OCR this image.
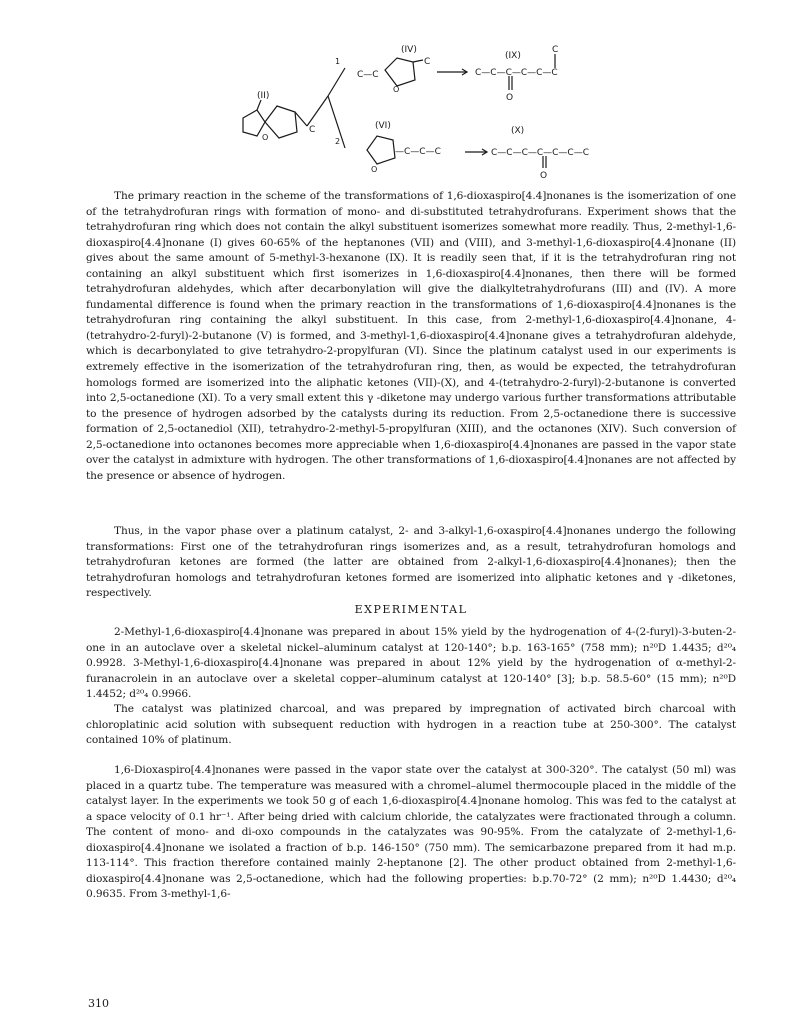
(II)
O
C
1
2
(IV)
C—C
C
O
(IX)
C
C—C—C—C—C—C
O
(VI)
—C—C—C
O
(X)
C—C—C—C—C—C—C
O

The primary reaction in the scheme of the transformations of 1,6-dioxaspiro[4.4]nonanes is the isomerization of one of the tetrahydrofuran rings with formation of mono- and di-substituted tetrahydrofurans. Experiment shows that the tetrahydrofuran ring which does not contain the alkyl substituent isomerizes somewhat more readily. Thus, 2-methyl-1,6-dioxaspiro[4.4]nonane (I) gives 60-65% of the heptanones (VII) and (VIII), and 3-methyl-1,6-dioxaspiro[4.4]nonane (II) gives about the same amount of 5-methyl-3-hexanone (IX). It is readily seen that, if it is the tetrahydrofuran ring not containing an alkyl substituent which first isomerizes in 1,6-dioxaspiro[4.4]nonanes, then there will be formed tetrahydrofuran aldehydes, which after decarbonylation will give the dialkyltetrahydrofurans (III) and (IV). A more fundamental difference is found when the primary reaction in the transformations of 1,6-dioxaspiro[4.4]nonanes is the tetrahydrofuran ring containing the alkyl substituent. In this case, from 2-methyl-1,6-dioxaspiro[4.4]nonane, 4-(tetrahydro-2-furyl)-2-butanone (V) is formed, and 3-methyl-1,6-dioxaspiro[4.4]nonane gives a tetrahydrofuran aldehyde, which is decarbonylated to give tetrahydro-2-propylfuran (VI). Since the platinum catalyst used in our experiments is extremely effective in the isomerization of the tetrahydrofuran ring, then, as would be expected, the tetrahydrofuran homologs formed are isomerized into the aliphatic ketones (VII)-(X), and 4-(tetrahydro-2-furyl)-2-butanone is converted into 2,5-octanedione (XI). To a very small extent this γ -diketone may undergo various further transformations attributable to the presence of hydrogen adsorbed by the catalysts during its reduction. From 2,5-octanedione there is successive formation of 2,5-octanediol (XII), tetrahydro-2-methyl-5-propylfuran (XIII), and the octanones (XIV). Such conversion of 2,5-octanedione into octanones becomes more appreciable when 1,6-dioxaspiro[4.4]nonanes are passed in the vapor state over the catalyst in admixture with hydrogen. The other transformations of 1,6-dioxaspiro[4.4]nonanes are not affected by the presence or absence of hydrogen.

Thus, in the vapor phase over a platinum catalyst, 2- and 3-alkyl-1,6-oxaspiro[4.4]nonanes undergo the following transformations: First one of the tetrahydrofuran rings isomerizes and, as a result, tetrahydrofuran homologs and tetrahydrofuran ketones are formed (the latter are obtained from 2-alkyl-1,6-dioxaspiro[4.4]nonanes); then the tetrahydrofuran homologs and tetrahydrofuran ketones formed are isomerized into aliphatic ketones and γ -diketones, respectively.

EXPERIMENTAL

2-Methyl-1,6-dioxaspiro[4.4]nonane was prepared in about 15% yield by the hydrogenation of 4-(2-furyl)-3-buten-2-one in an autoclave over a skeletal nickel–aluminum catalyst at 120-140°; b.p. 163-165° (758 mm); n²⁰D 1.4435; d²⁰₄ 0.9928. 3-Methyl-1,6-dioxaspiro[4.4]nonane was prepared in about 12% yield by the hydrogenation of α-methyl-2-furanacrolein in an autoclave over a skeletal copper–aluminum catalyst at 120-140° [3]; b.p. 58.5-60° (15 mm); n²⁰D 1.4452; d²⁰₄ 0.9966.

The catalyst was platinized charcoal, and was prepared by impregnation of activated birch charcoal with chloroplatinic acid solution with subsequent reduction with hydrogen in a reaction tube at 250-300°. The catalyst contained 10% of platinum.

1,6-Dioxaspiro[4.4]nonanes were passed in the vapor state over the catalyst at 300-320°. The catalyst (50 ml) was placed in a quartz tube. The temperature was measured with a chromel–alumel thermocouple placed in the middle of the catalyst layer. In the experiments we took 50 g of each 1,6-dioxaspiro[4.4]nonane homolog. This was fed to the catalyst at a space velocity of 0.1 hr⁻¹. After being dried with calcium chloride, the catalyzates were fractionated through a column. The content of mono- and di-oxo compounds in the catalyzates was 90-95%. From the catalyzate of 2-methyl-1,6-dioxaspiro[4.4]nonane we isolated a fraction of b.p. 146-150° (750 mm). The semicarbazone prepared from it had m.p. 113-114°. This fraction therefore contained mainly 2-heptanone [2]. The other product obtained from 2-methyl-1,6-dioxaspiro[4.4]nonane was 2,5-octanedione, which had the following properties: b.p.70-72° (2 mm); n²⁰D 1.4430; d²⁰₄ 0.9635. From 3-methyl-1,6-

310
